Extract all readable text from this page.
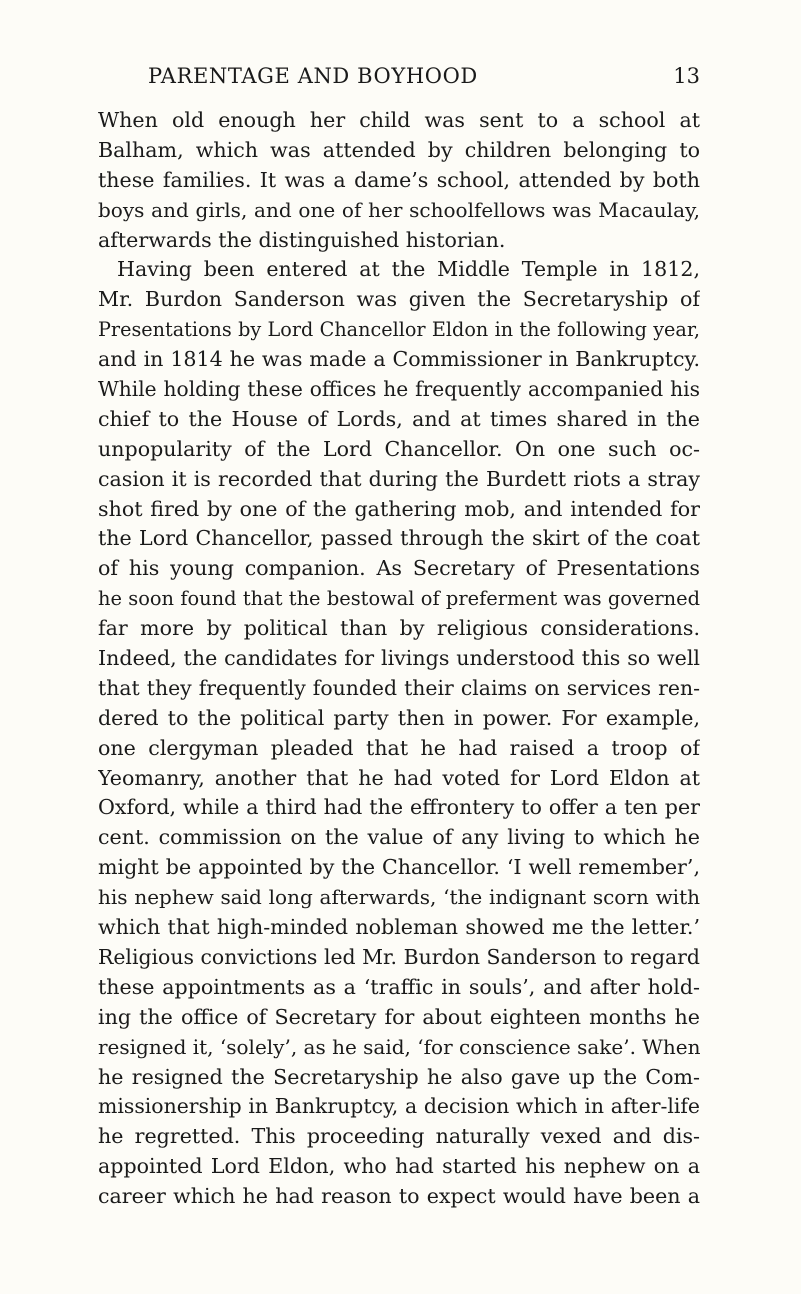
PARENTAGE AND BOYHOOD	13
When old enough her child was sent to a school at
Balham, which was attended by children belonging to
these families. It was a dame’s school, attended by both
boys and girls, and one of her schoolfellows was Macaulay,
afterwards the distinguished historian.
Having been entered at the Middle Temple in 1812,
Mr. Burdon Sanderson was given the Secretaryship of
Presentations by Lord Chancellor Eldon in the following year,
and in 1814 he was made a Commissioner in Bankruptcy.
While holding these offices he frequently accompanied his
chief to the House of Lords, and at times shared in the
unpopularity of the Lord Chancellor. On one such oc-
casion it is recorded that during the Burdett riots a stray
shot fired by one of the gathering mob, and intended for
the Lord Chancellor, passed through the skirt of the coat
of his young companion. As Secretary of Presentations
he soon found that the bestowal of preferment was governed
far more by political than by religious considerations.
Indeed, the candidates for livings understood this so well
that they frequently founded their claims on services ren-
dered to the political party then in power. For example,
one clergyman pleaded that he had raised a troop of
Yeomanry, another that he had voted for Lord Eldon at
Oxford, while a third had the effrontery to offer a ten per
cent. commission on the value of any living to which he
might be appointed by the Chancellor. ‘I well remember’,
his nephew said long afterwards, ‘the indignant scorn with
which that high-minded nobleman showed me the letter.’
Religious convictions led Mr. Burdon Sanderson to regard
these appointments as a ‘traffic in souls’, and after hold-
ing the office of Secretary for about eighteen months he
resigned it, ‘solely’, as he said, ‘for conscience sake’. When
he resigned the Secretaryship he also gave up the Com-
missionership in Bankruptcy, a decision which in after-life
he regretted. This proceeding naturally vexed and dis-
appointed Lord Eldon, who had started his nephew on a
career which he had reason to expect would have been a
